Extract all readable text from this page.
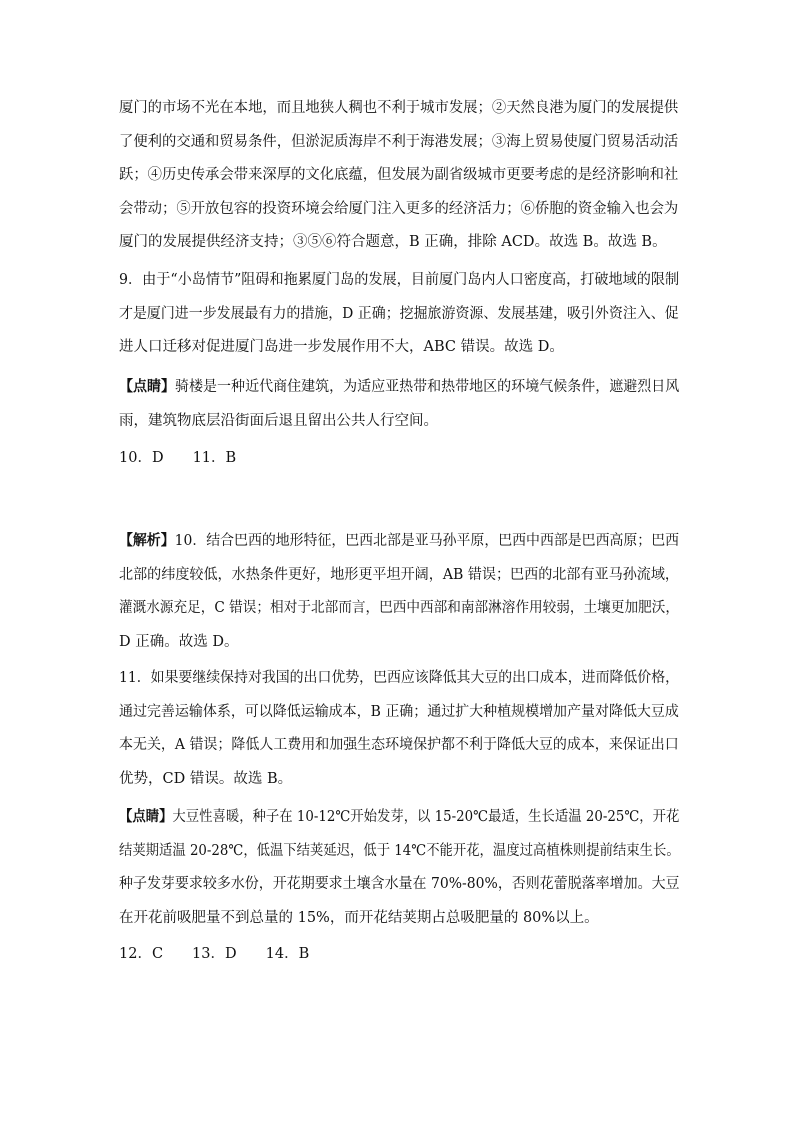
厦门的市场不光在本地，而且地狭人稠也不利于城市发展；②天然良港为厦门的发展提供
了便利的交通和贸易条件，但淤泥质海岸不利于海港发展；③海上贸易使厦门贸易活动活
跃；④历史传承会带来深厚的文化底蕴，但发展为副省级城市更要考虑的是经济影响和社
会带动；⑤开放包容的投资环境会给厦门注入更多的经济活力；⑥侨胞的资金输入也会为
厦门的发展提供经济支持；③⑤⑥符合题意，B 正确，排除 ACD。故选 B。故选 B。
9．由于“小岛情节”阻碍和拖累厦门岛的发展，目前厦门岛内人口密度高，打破地域的限制
才是厦门进一步发展最有力的措施，D 正确；挖掘旅游资源、发展基建，吸引外资注入、促
进人口迁移对促进厦门岛进一步发展作用不大，ABC 错误。故选 D。
【点睛】骑楼是一种近代商住建筑，为适应亚热带和热带地区的环境气候条件，遮避烈日风
雨，建筑物底层沿街面后退且留出公共人行空间。
10．D　　11．B
【解析】10．结合巴西的地形特征，巴西北部是亚马孙平原，巴西中西部是巴西高原；巴西
北部的纬度较低，水热条件更好，地形更平坦开阔，AB 错误；巴西的北部有亚马孙流域，
灌溉水源充足，C 错误；相对于北部而言，巴西中西部和南部淋溶作用较弱，土壤更加肥沃，
D 正确。故选 D。
11．如果要继续保持对我国的出口优势，巴西应该降低其大豆的出口成本，进而降低价格，
通过完善运输体系，可以降低运输成本，B 正确；通过扩大种植规模增加产量对降低大豆成
本无关，A 错误；降低人工费用和加强生态环境保护都不利于降低大豆的成本，来保证出口
优势，CD 错误。故选 B。
【点睛】大豆性喜暖，种子在 10-12℃开始发芽，以 15-20℃最适，生长适温 20-25℃，开花
结荚期适温 20-28℃，低温下结荚延迟，低于 14℃不能开花，温度过高植株则提前结束生长。
种子发芽要求较多水份，开花期要求土壤含水量在 70%-80%，否则花蕾脱落率增加。大豆
在开花前吸肥量不到总量的 15%，而开花结荚期占总吸肥量的 80%以上。
12．C　　13．D　　14．B
